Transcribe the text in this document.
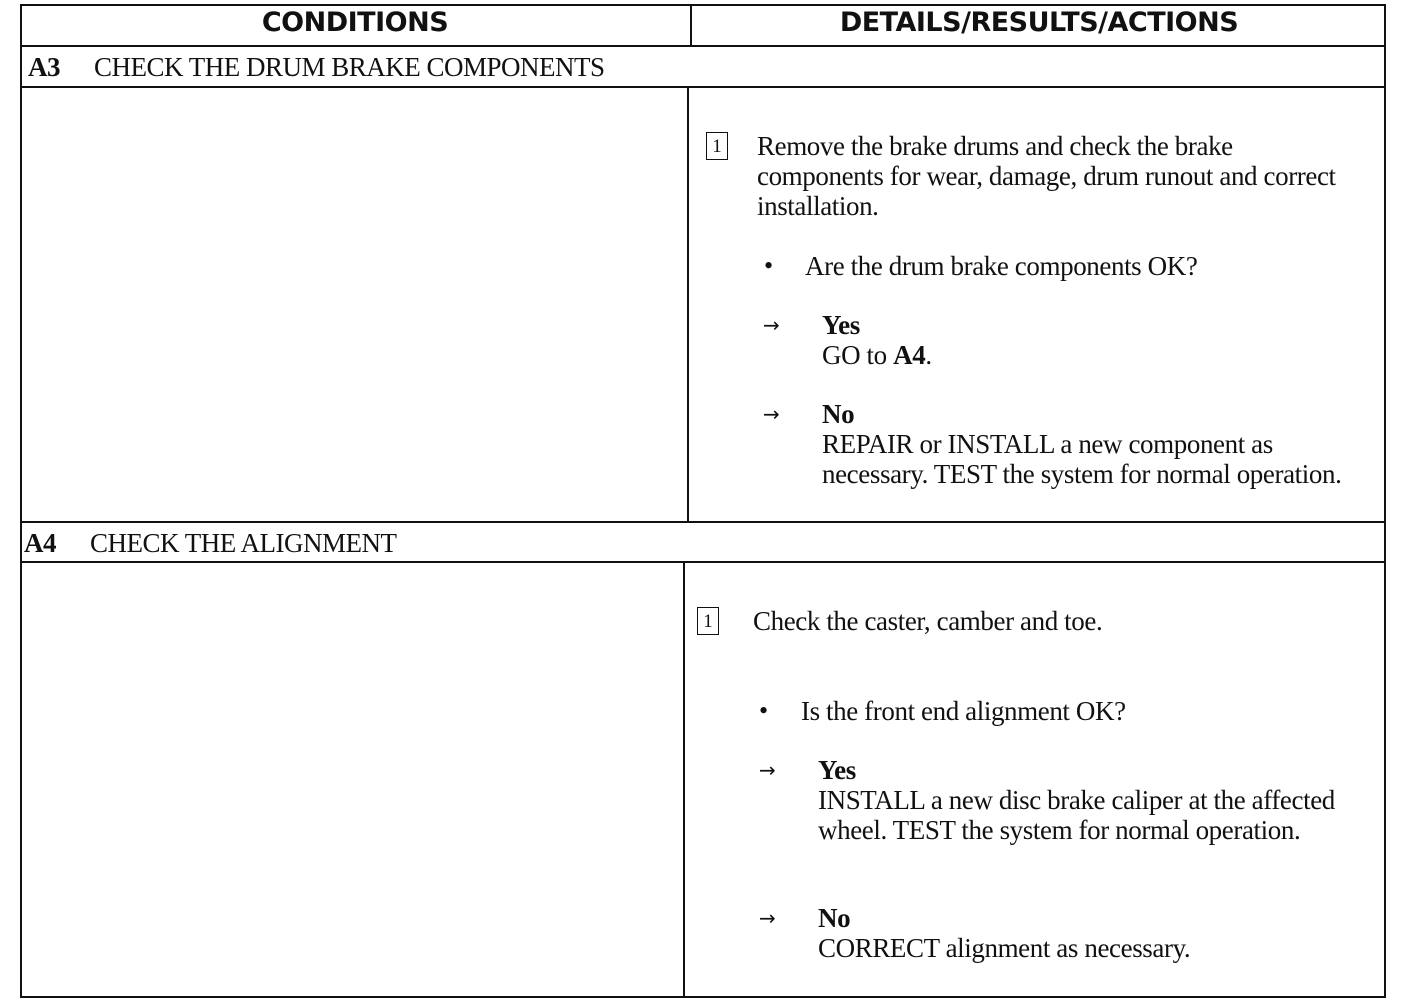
CONDITIONS	DETAILS/RESULTS/ACTIONS
A3 CHECK THE DRUM BRAKE COMPONENTS
1 Remove the brake drums and check the brake components for wear, damage, drum runout and correct installation.
• Are the drum brake components OK?
→ Yes
GO to A4.
→ No
REPAIR or INSTALL a new component as necessary. TEST the system for normal operation.
A4 CHECK THE ALIGNMENT
1 Check the caster, camber and toe.
• Is the front end alignment OK?
→ Yes
INSTALL a new disc brake caliper at the affected wheel. TEST the system for normal operation.
→ No
CORRECT alignment as necessary.
